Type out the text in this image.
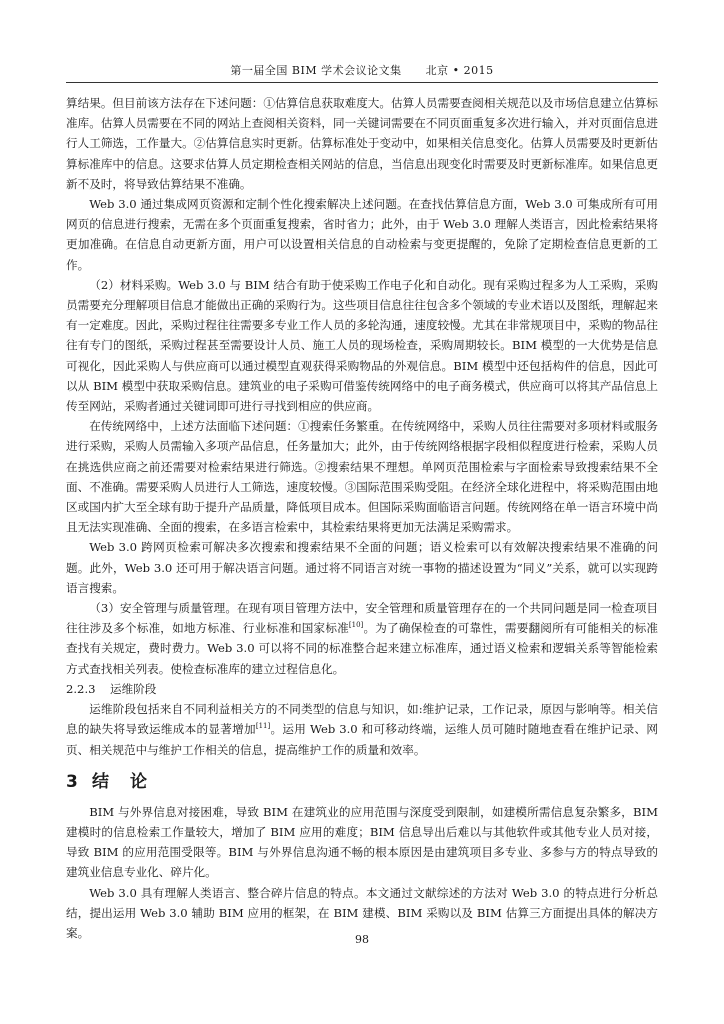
第一届全国 BIM 学术会议论文集 北京 • 2015

算结果。但目前该方法存在下述问题：①估算信息获取难度大。估算人员需要查阅相关规范以及市场信息建立估算标准库。估算人员需要在不同的网站上查阅相关资料，同一关键词需要在不同页面重复多次进行输入，并对页面信息进行人工筛选，工作量大。②估算信息实时更新。估算标准处于变动中，如果相关信息变化。估算人员需要及时更新估算标准库中的信息。这要求估算人员定期检查相关网站的信息，当信息出现变化时需要及时更新标准库。如果信息更新不及时，将导致估算结果不准确。

Web 3.0 通过集成网页资源和定制个性化搜索解决上述问题。在查找估算信息方面，Web 3.0 可集成所有可用网页的信息进行搜索，无需在多个页面重复搜索，省时省力；此外，由于 Web 3.0 理解人类语言，因此检索结果将更加准确。在信息自动更新方面，用户可以设置相关信息的自动检索与变更提醒的，免除了定期检查信息更新的工作。

（2）材料采购。Web 3.0 与 BIM 结合有助于使采购工作电子化和自动化。现有采购过程多为人工采购，采购员需要充分理解项目信息才能做出正确的采购行为。这些项目信息往往包含多个领域的专业术语以及图纸，理解起来有一定难度。因此，采购过程往往需要多专业工作人员的多轮沟通，速度较慢。尤其在非常规项目中，采购的物品往往有专门的图纸，采购过程甚至需要设计人员、施工人员的现场检查，采购周期较长。BIM 模型的一大优势是信息可视化，因此采购人与供应商可以通过模型直观获得采购物品的外观信息。BIM 模型中还包括构件的信息，因此可以从 BIM 模型中获取采购信息。建筑业的电子采购可借鉴传统网络中的电子商务模式，供应商可以将其产品信息上传至网站，采购者通过关键词即可进行寻找到相应的供应商。

在传统网络中，上述方法面临下述问题：①搜索任务繁重。在传统网络中，采购人员往往需要对多项材料或服务进行采购，采购人员需输入多项产品信息，任务量加大；此外，由于传统网络根据字段相似程度进行检索，采购人员在挑选供应商之前还需要对检索结果进行筛选。②搜索结果不理想。单网页范围检索与字面检索导致搜索结果不全面、不准确。需要采购人员进行人工筛选，速度较慢。③国际范围采购受阻。在经济全球化进程中，将采购范围由地区或国内扩大至全球有助于提升产品质量，降低项目成本。但国际采购面临语言问题。传统网络在单一语言环境中尚且无法实现准确、全面的搜索，在多语言检索中，其检索结果将更加无法满足采购需求。

Web 3.0 跨网页检索可解决多次搜索和搜索结果不全面的问题；语义检索可以有效解决搜索结果不准确的问题。此外，Web 3.0 还可用于解决语言问题。通过将不同语言对统一事物的描述设置为“同义”关系，就可以实现跨语言搜索。

（3）安全管理与质量管理。在现有项目管理方法中，安全管理和质量管理存在的一个共同问题是同一检查项目往往涉及多个标准，如地方标准、行业标准和国家标准[10]。为了确保检查的可靠性，需要翻阅所有可能相关的标准查找有关规定，费时费力。Web 3.0 可以将不同的标准整合起来建立标准库，通过语义检索和逻辑关系等智能检索方式查找相关列表。使检查标准库的建立过程信息化。

2.2.3 运维阶段

运维阶段包括来自不同利益相关方的不同类型的信息与知识，如:维护记录，工作记录，原因与影响等。相关信息的缺失将导致运维成本的显著增加[11]。运用 Web 3.0 和可移动终端，运维人员可随时随地查看在维护记录、网页、相关规范中与维护工作相关的信息，提高维护工作的质量和效率。

3 结　论

BIM 与外界信息对接困难，导致 BIM 在建筑业的应用范围与深度受到限制，如建模所需信息复杂繁多，BIM 建模时的信息检索工作量较大，增加了 BIM 应用的难度；BIM 信息导出后难以与其他软件或其他专业人员对接，导致 BIM 的应用范围受限等。BIM 与外界信息沟通不畅的根本原因是由建筑项目多专业、多参与方的特点导致的建筑业信息专业化、碎片化。

Web 3.0 具有理解人类语言、整合碎片信息的特点。本文通过文献综述的方法对 Web 3.0 的特点进行分析总结，提出运用 Web 3.0 辅助 BIM 应用的框架，在 BIM 建模、BIM 采购以及 BIM 估算三方面提出具体的解决方案。	98
